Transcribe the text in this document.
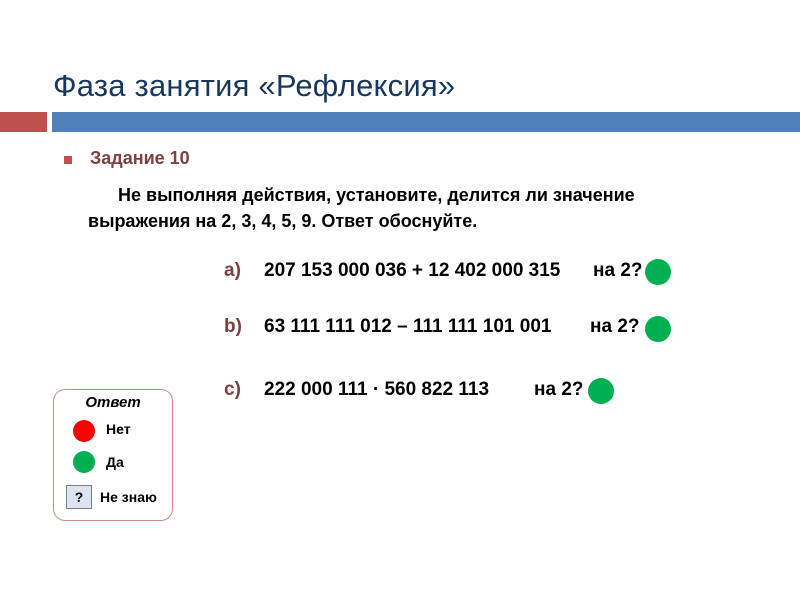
Фаза занятия «Рефлексия»
Задание 10
Не выполняя действия, установите, делится ли значение
выражения на 2, 3, 4, 5, 9. Ответ обоснуйте.
a) 207 153 000 036 + 12 402 000 315 на 2?
b) 63 111 111 012 – 111 111 101 001 на 2?
c) 222 000 111 · 560 822 113 на 2?
Ответ
Нет
Да
?	Не знаю
